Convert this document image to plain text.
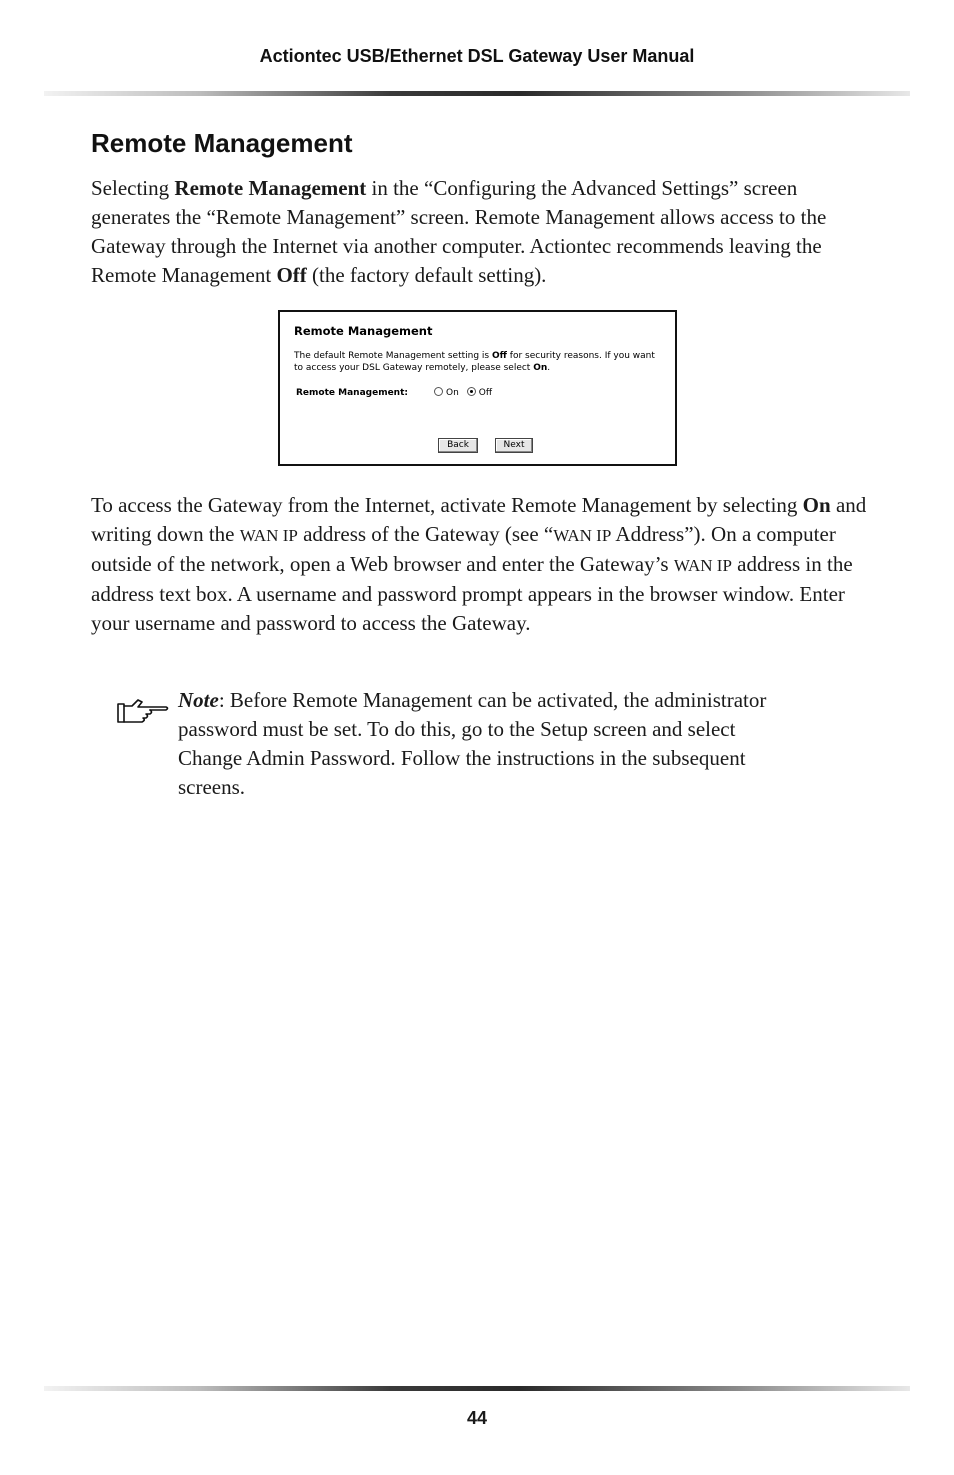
Actiontec USB/Ethernet DSL Gateway User Manual
Remote Management

Selecting Remote Management in the “Configuring the Advanced Settings” screen generates the “Remote Management” screen. Remote Management allows access to the Gateway through the Internet via another computer. Actiontec recommends leaving the Remote Management Off (the factory default setting).

Remote Management
The default Remote Management setting is Off for security reasons. If you want to access your DSL Gateway remotely, please select On.
Remote Management:	On Off
Back	Next

To access the Gateway from the Internet, activate Remote Management by selecting On and writing down the WAN IP address of the Gateway (see “WAN IP Address”). On a computer outside of the network, open a Web browser and enter the Gateway’s WAN IP address in the address text box. A username and password prompt appears in the browser window. Enter your username and password to access the Gateway.

Note: Before Remote Management can be activated, the administrator password must be set. To do this, go to the Setup screen and select Change Admin Password. Follow the instructions in the subsequent screens.

44
